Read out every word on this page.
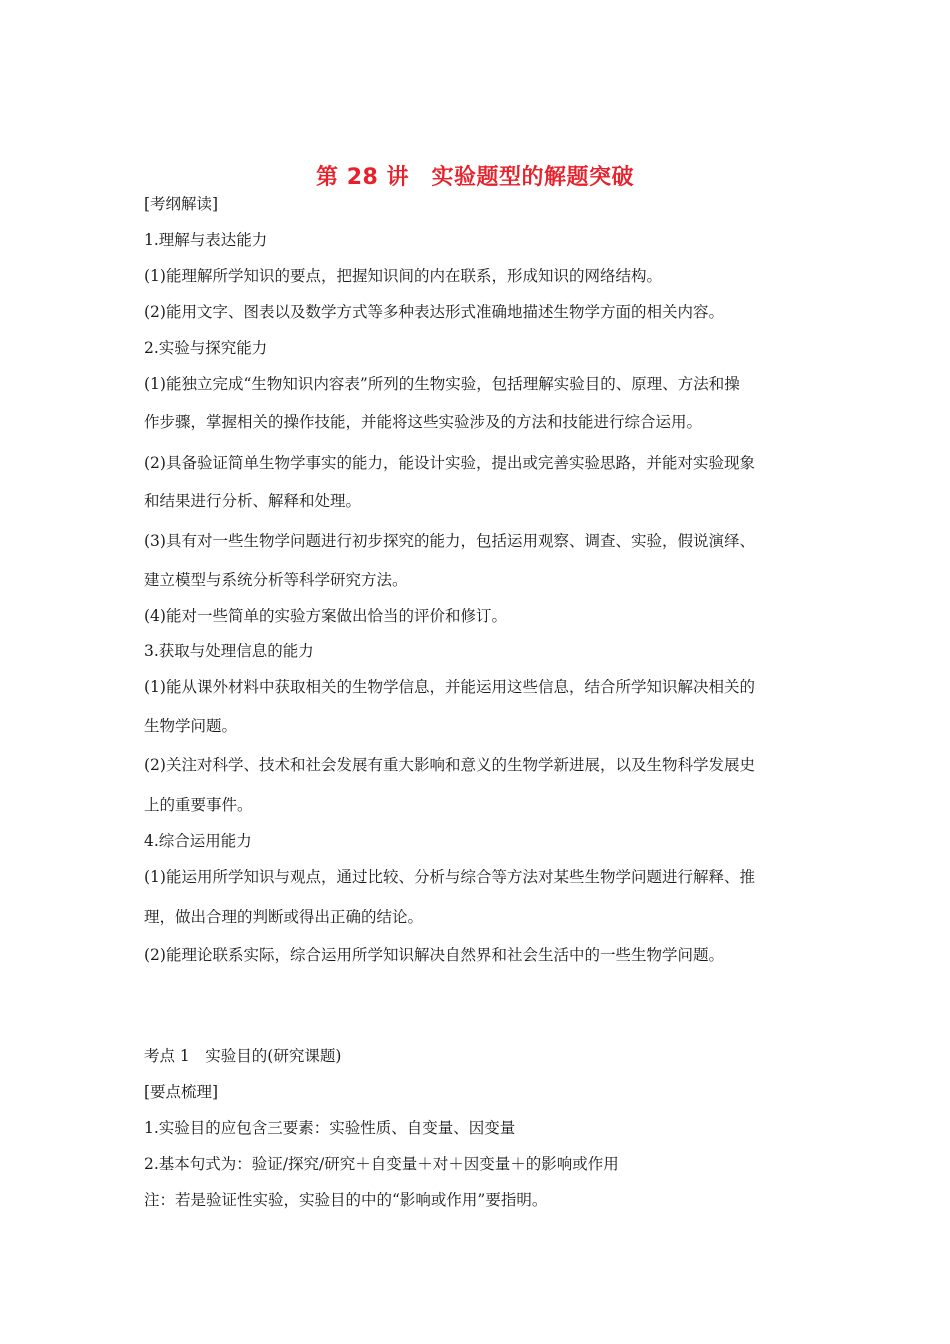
第 28 讲　实验题型的解题突破
[考纲解读]
1.理解与表达能力
(1)能理解所学知识的要点，把握知识间的内在联系，形成知识的网络结构。
(2)能用文字、图表以及数学方式等多种表达形式准确地描述生物学方面的相关内容。
2.实验与探究能力
(1)能独立完成“生物知识内容表”所列的生物实验，包括理解实验目的、原理、方法和操
作步骤，掌握相关的操作技能，并能将这些实验涉及的方法和技能进行综合运用。
(2)具备验证简单生物学事实的能力，能设计实验，提出或完善实验思路，并能对实验现象
和结果进行分析、解释和处理。
(3)具有对一些生物学问题进行初步探究的能力，包括运用观察、调查、实验，假说演绎、
建立模型与系统分析等科学研究方法。
(4)能对一些简单的实验方案做出恰当的评价和修订。
3.获取与处理信息的能力
(1)能从课外材料中获取相关的生物学信息，并能运用这些信息，结合所学知识解决相关的
生物学问题。
(2)关注对科学、技术和社会发展有重大影响和意义的生物学新进展，以及生物科学发展史
上的重要事件。
4.综合运用能力
(1)能运用所学知识与观点，通过比较、分析与综合等方法对某些生物学问题进行解释、推
理，做出合理的判断或得出正确的结论。
(2)能理论联系实际，综合运用所学知识解决自然界和社会生活中的一些生物学问题。
考点 1　实验目的(研究课题)
[要点梳理]
1.实验目的应包含三要素：实验性质、自变量、因变量
2.基本句式为：验证/探究/研究＋自变量＋对＋因变量＋的影响或作用
注：若是验证性实验，实验目的中的“影响或作用”要指明。
